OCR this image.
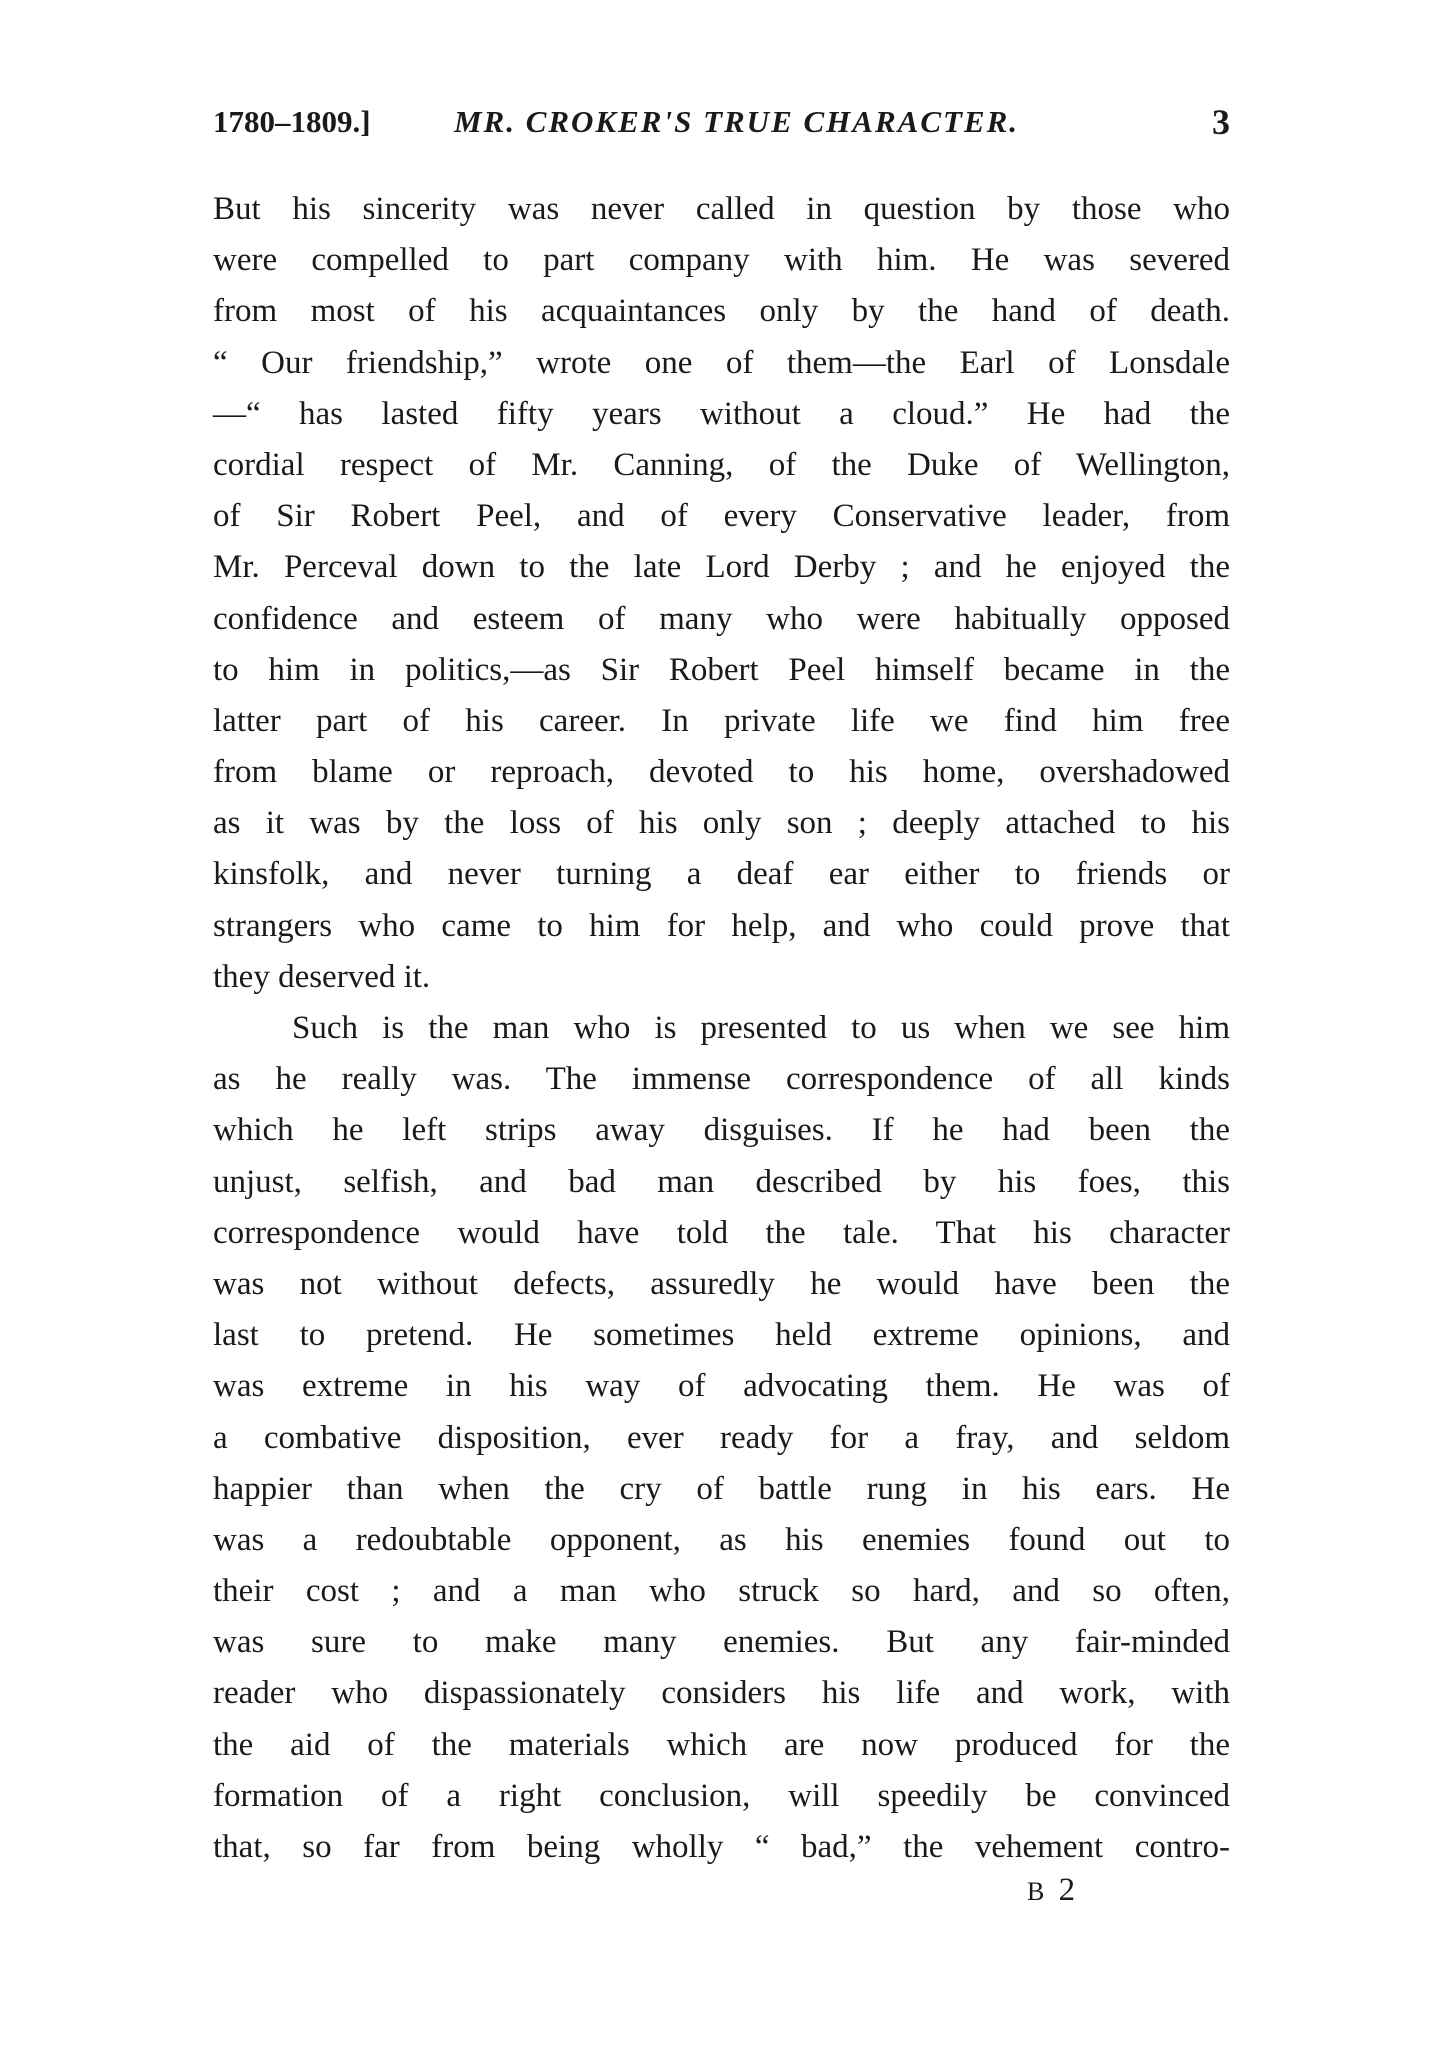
1780–1809.]	MR. CROKER'S TRUE CHARACTER.	3
But his sincerity was never called in question by those who
were compelled to part company with him. He was severed
from most of his acquaintances only by the hand of death.
“ Our friendship,” wrote one of them—the Earl of Lonsdale
—“ has lasted fifty years without a cloud.” He had the
cordial respect of Mr. Canning, of the Duke of Wellington,
of Sir Robert Peel, and of every Conservative leader, from
Mr. Perceval down to the late Lord Derby ; and he enjoyed the
confidence and esteem of many who were habitually opposed
to him in politics,—as Sir Robert Peel himself became in the
latter part of his career. In private life we find him free
from blame or reproach, devoted to his home, overshadowed
as it was by the loss of his only son ; deeply attached to his
kinsfolk, and never turning a deaf ear either to friends or
strangers who came to him for help, and who could prove that
they deserved it.
Such is the man who is presented to us when we see him
as he really was. The immense correspondence of all kinds
which he left strips away disguises. If he had been the
unjust, selfish, and bad man described by his foes, this
correspondence would have told the tale. That his character
was not without defects, assuredly he would have been the
last to pretend. He sometimes held extreme opinions, and
was extreme in his way of advocating them. He was of
a combative disposition, ever ready for a fray, and seldom
happier than when the cry of battle rung in his ears. He
was a redoubtable opponent, as his enemies found out to
their cost ; and a man who struck so hard, and so often,
was sure to make many enemies. But any fair-minded
reader who dispassionately considers his life and work, with
the aid of the materials which are now produced for the
formation of a right conclusion, will speedily be convinced
that, so far from being wholly “ bad,” the vehement contro-
B 2
